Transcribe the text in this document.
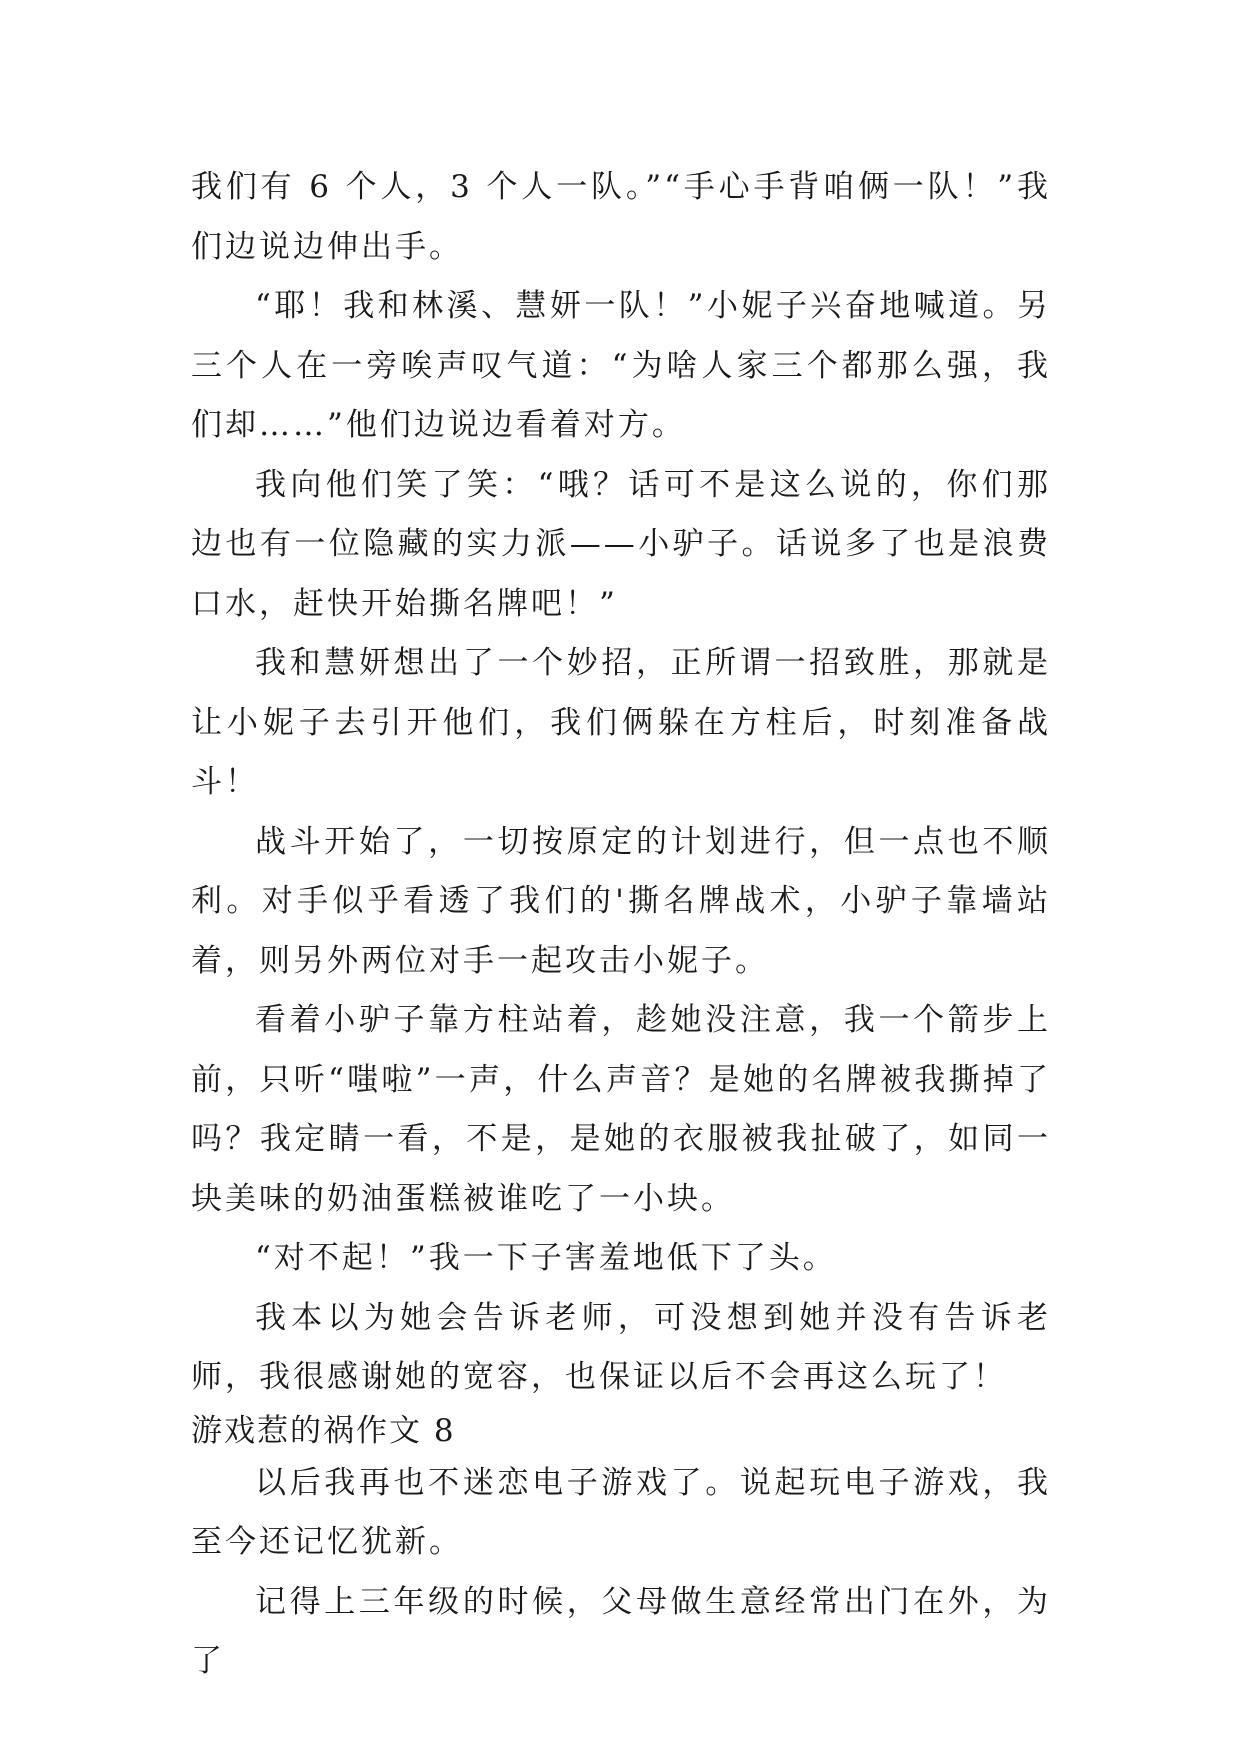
我们有 6 个人，3 个人一队。”“手心手背咱俩一队！”我们边说边伸出手。

“耶！我和林溪、慧妍一队！”小妮子兴奋地喊道。另三个人在一旁唉声叹气道：“为啥人家三个都那么强，我们却……”他们边说边看着对方。

我向他们笑了笑：“哦？话可不是这么说的，你们那边也有一位隐藏的实力派——小驴子。话说多了也是浪费口水，赶快开始撕名牌吧！”

我和慧妍想出了一个妙招，正所谓一招致胜，那就是让小妮子去引开他们，我们俩躲在方柱后，时刻准备战斗！

战斗开始了，一切按原定的计划进行，但一点也不顺利。对手似乎看透了我们的'撕名牌战术，小驴子靠墙站着，则另外两位对手一起攻击小妮子。

看着小驴子靠方柱站着，趁她没注意，我一个箭步上前，只听“嗤啦”一声，什么声音？是她的名牌被我撕掉了吗？我定睛一看，不是，是她的衣服被我扯破了，如同一块美味的奶油蛋糕被谁吃了一小块。

“对不起！”我一下子害羞地低下了头。

我本以为她会告诉老师，可没想到她并没有告诉老师，我很感谢她的宽容，也保证以后不会再这么玩了！

游戏惹的祸作文 8

以后我再也不迷恋电子游戏了。说起玩电子游戏，我至今还记忆犹新。

记得上三年级的时候，父母做生意经常出门在外，为了
